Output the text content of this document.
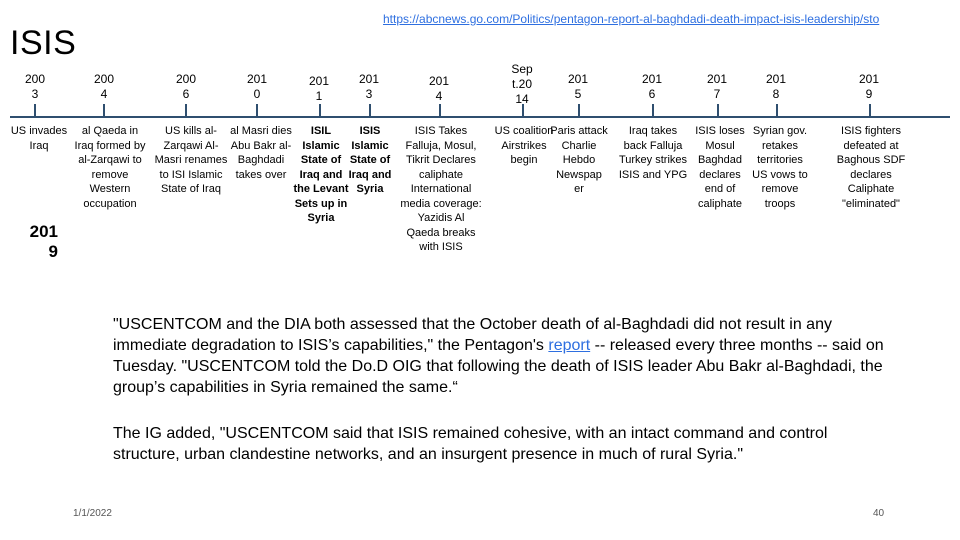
ISIS
https://abcnews.go.com/Politics/pentagon-report-al-baghdadi-death-impact-isis-leadership/sto
200 3
200 4
200 6
201 0
201 1
201 3
201 4
Sep t.20 14
201 5
201 6
201 7
201 8
201 9
US invades Iraq
al Qaeda in Iraq formed by al-Zarqawi to remove Western occupation
US kills al-Zarqawi Al-Masri renames to ISI Islamic State of Iraq
al Masri dies Abu Bakr al-Baghdadi takes over
ISIL Islamic State of Iraq and the Levant Sets up in Syria
ISIS Islamic State of Iraq and Syria
ISIS Takes Falluja, Mosul, Tikrit Declares caliphate International media coverage: Yazidis Al Qaeda breaks with ISIS
US coalition Airstrikes begin
Paris attack Charlie Hebdo Newspap er
Iraq takes back Falluja Turkey strikes ISIS and YPG
ISIS loses Mosul Baghdad declares end of caliphate
Syrian gov. retakes territories US vows to remove troops
ISIS fighters defeated at Baghous SDF declares Caliphate "eliminated"
201 9
"USCENTCOM and the DIA both assessed that the October death of al-Baghdadi did not result in any immediate degradation to ISIS’s capabilities," the Pentagon's report -- released every three months -- said on Tuesday. "USCENTCOM told the Do.D OIG that following the death of ISIS leader Abu Bakr al-Baghdadi, the group’s capabilities in Syria remained the same.“
The IG added, "USCENTCOM said that ISIS remained cohesive, with an intact command and control structure, urban clandestine networks, and an insurgent presence in much of rural Syria."
1/1/2022	40
